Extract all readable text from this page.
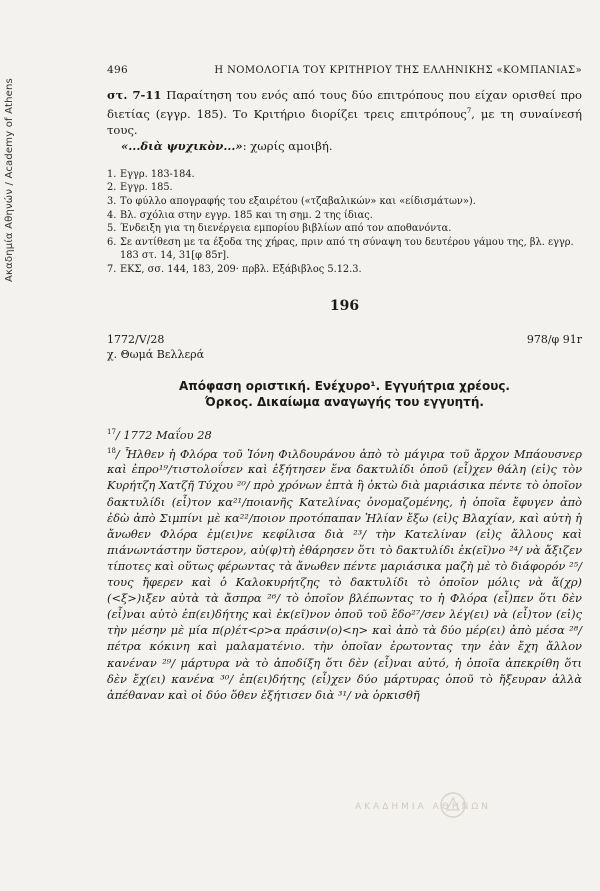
Ακαδημία Αθηνών / Academy of Athens
496	Η ΝΟΜΟΛΟΓΙΑ ΤΟΥ ΚΡΙΤΗΡΙΟΥ ΤΗΣ ΕΛΛΗΝΙΚΗΣ «ΚΟΜΠΑΝΙΑΣ»

στ. 7-11 Παραίτηση του ενός από τους δύο επιτρόπους που είχαν ορισθεί προ διετίας (εγγρ. 185). Το Κριτήριο διορίζει τρεις επιτρόπους$^7$, με τη συναίνεσή τους.

«...διὰ ψυχικὸν...»: χωρίς αμοιβή.

1. Εγγρ. 183-184.
2. Εγγρ. 185.
3. Το φύλλο απογραφής του εξαιρέτου («τζαβαλικών» και «είδισμάτων»).
4. Βλ. σχόλια στην εγγρ. 185 και τη σημ. 2 της ίδιας.
5. Ένδειξη για τη διενέργεια εμπορίου βιβλίων από τον αποθανόντα.
6. Σε αντίθεση με τα έξοδα της χήρας, πριν από τη σύναψη του δευτέρου γάμου της, βλ. εγγρ. 183 στ. 14, 31[φ 85r].
7. ΕΚΣ, σσ. 144, 183, 209· πρβλ. Εξάβιβλος 5.12.3.
196
1772/V/28	978/φ 91r
χ. Θωμά Βελλερά
Απόφαση οριστική. Ενέχυρο¹. Εγγυήτρια χρέους.
Όρκος. Δικαίωμα αναγωγής του εγγυητή.

$^{17}$/ 1772 Μαΐου 28

$^{18}$/ Ἦλθεν ἡ Φλόρα τοῦ Ἰόνη Φιλδουράνου ἀπὸ τὸ μάγιρα τοῦ ἄρχον Μπάουσνερ καὶ ἐπρο¹⁹/τιστολοΐσεν καὶ ἐξήτησεν ἕνα δακτυλίδι ὁποῦ (εἶ)χεν θάλη (εἰ)ς τὸν Κυρήτζη Χατζῆ Τύχου ²⁰/ πρὸ χρόνων ἑπτὰ ἢ ὀκτὼ διὰ μαριάσικα πέντε τὸ ὁποῖον δακτυλίδι (εἶ)τον κα²¹/ποιανῆς Κατελίνας ὀνομαζομένης, ἡ ὁποῖα ἔφυγεν ἀπὸ ἐδὼ ἀπὸ Σιμπίνι μὲ κα²²/ποιον προτόπαπαν Ἡλίαν ἔξω (εἰ)ς Βλαχίαν, καὶ αὐτὴ ἡ ἄνωθεν Φλόρα ἐμ(ει)νε κεφίλισα διὰ ²³/ τὴν Κατελίναν (εἰ)ς ἄλλους καὶ πιάνωντάστην ὕστερον, αὐ(φ)τὴ ἐθάρησεν ὅτι τὸ δακτυλίδι ἐκ(εῖ)νο ²⁴/ νὰ ἄξιζεν τίποτες καὶ οὕτως φέρωντας τὰ ἄνωθεν πέντε μαριάσικα μαζὴ μὲ τὸ διάφορόν ²⁵/ τους ἤφερεν καὶ ὁ Καλοκυρήτζης τὸ δακτυλίδι τὸ ὁποῖον μόλις νὰ ἅ(χρ)(<ξ>)ιξεν αὐτὰ τὰ ἄσπρα ²⁶/ τὸ ὁποῖον βλέπωντας το ἡ Φλόρα (εἶ)πεν ὅτι δὲν (εἶ)ναι αὐτὸ ἐπ(ει)δήτης καὶ ἐκ(εῖ)νον ὁποῦ τοῦ ἔδο²⁷/σεν λέγ(ει) νὰ (εἶ)τον (εἰ)ς τὴν μέσην μὲ μία π(ρ)έτ<ρ>α πράσιν(ο)<η> καὶ ἀπὸ τὰ δύο μέρ(ει) ἀπὸ μέσα ²⁸/ πέτρα κόκινη καὶ μαλαματένιο. τὴν ὁποῖαν ἐρωτοντας την ἐὰν ἔχη ἄλλον κανέναν ²⁹/ μάρτυρα νὰ τὸ ἀποδίξη ὅτι δὲν (εἶ)ναι αὐτό, ἡ ὁποῖα ἀπεκρίθη ὅτι δὲν ἔχ(ει) κανένα ³⁰/ ἐπ(ει)δήτης (εἶ)χεν δύο μάρτυρας ὁποῦ τὸ ἤξευραν ἀλλὰ ἀπέθαναν καὶ οἱ δύο ὅθεν ἐξήτισεν διὰ ³¹/ νὰ ὁρκισθῆ

ΑΚΑΔΗΜΙΑ ΑΘΗΝΩΝ
